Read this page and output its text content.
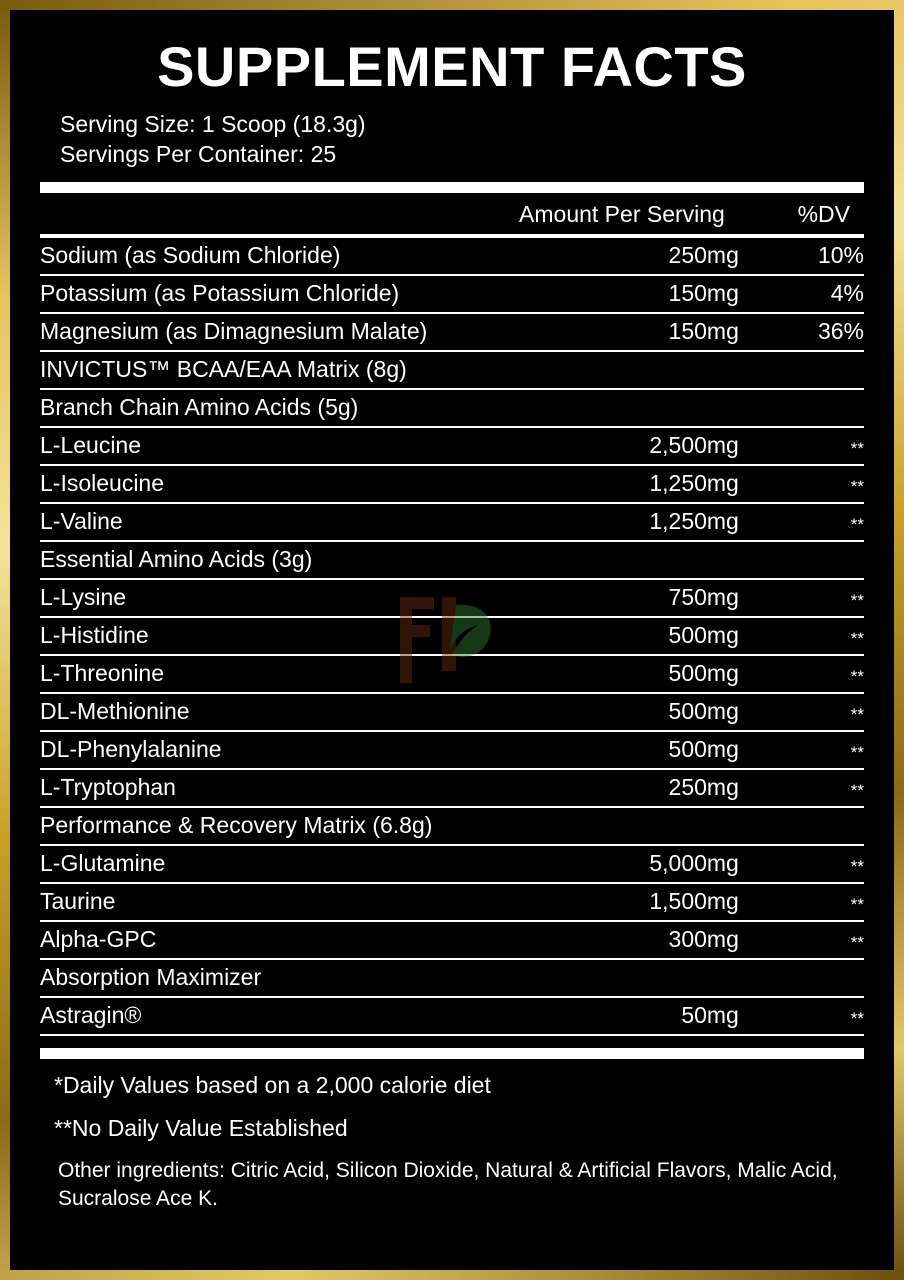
SUPPLEMENT FACTS
Serving Size: 1 Scoop (18.3g)
Servings Per Container: 25
	Amount Per Serving	%DV
Sodium (as Sodium Chloride)	250mg	10%
Potassium (as Potassium Chloride)	150mg	4%
Magnesium (as Dimagnesium Malate)	150mg	36%
INVICTUS™ BCAA/EAA Matrix (8g)		
Branch Chain Amino Acids (5g)		
L-Leucine	2,500mg	**
L-Isoleucine	1,250mg	**
L-Valine	1,250mg	**
Essential Amino Acids (3g)		
L-Lysine	750mg	**
L-Histidine	500mg	**
L-Threonine	500mg	**
DL-Methionine	500mg	**
DL-Phenylalanine	500mg	**
L-Tryptophan	250mg	**
Performance & Recovery Matrix (6.8g)		
L-Glutamine	5,000mg	**
Taurine	1,500mg	**
Alpha-GPC	300mg	**
Absorption Maximizer		
Astragin®	50mg	**
*Daily Values based on a 2,000 calorie diet
**No Daily Value Established
Other ingredients: Citric Acid, Silicon Dioxide, Natural & Artificial Flavors, Malic Acid, Sucralose Ace K.
